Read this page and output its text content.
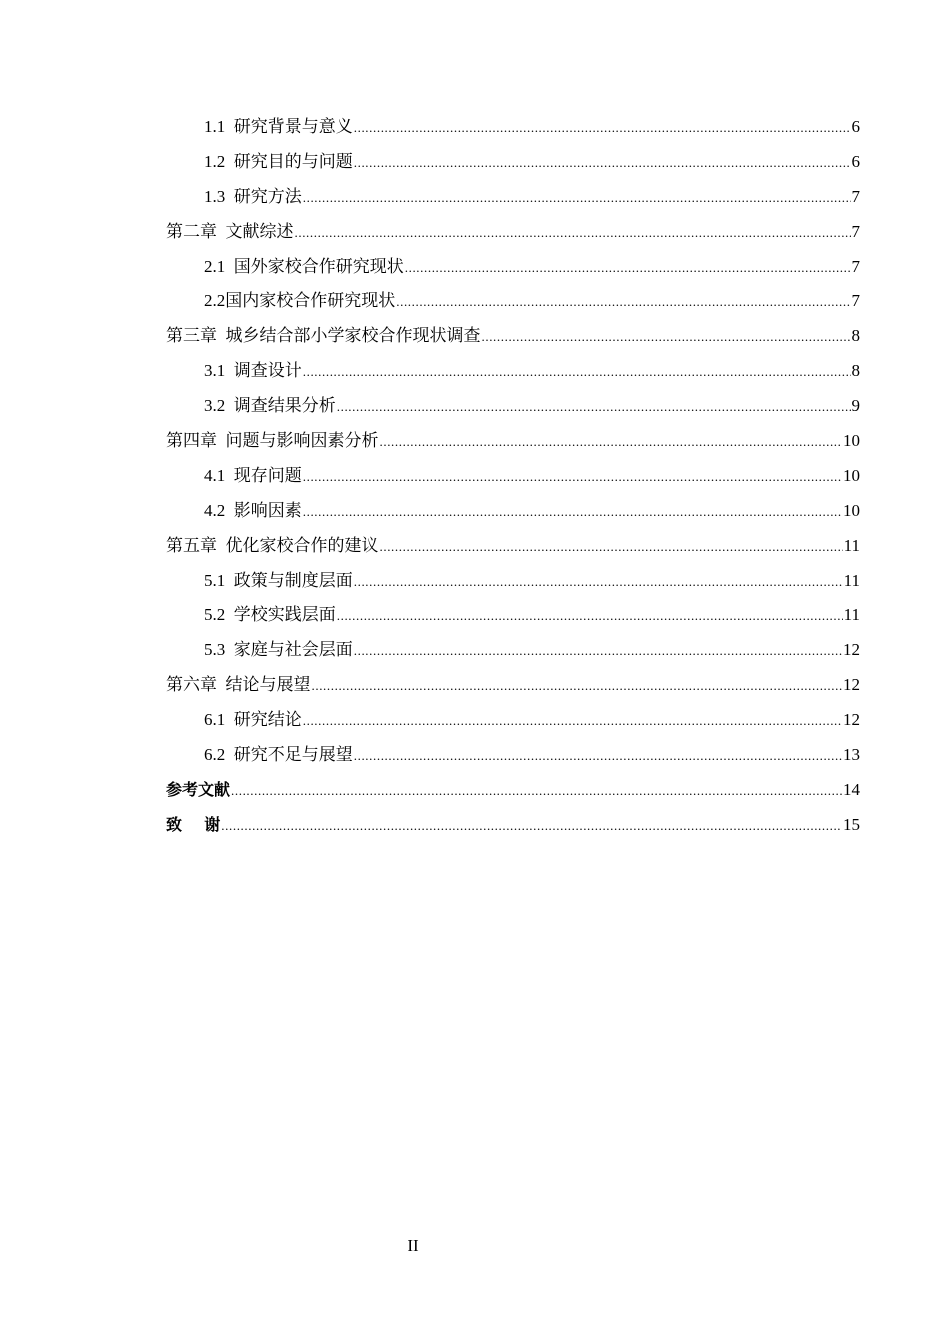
1.1  研究背景与意义 .....	6
1.2  研究目的与问题 .....	6
1.3  研究方法 .....	7
第二章  文献综述 .....	7
2.1  国外家校合作研究现状 .....	7
2.2国内家校合作研究现状 .....	7
第三章  城乡结合部小学家校合作现状调查 .....	8
3.1  调查设计 .....	8
3.2  调查结果分析 .....	9
第四章  问题与影响因素分析 .....	10
4.1  现存问题 .....	10
4.2  影响因素 .....	10
第五章  优化家校合作的建议 .....	11
5.1  政策与制度层面 .....	11
5.2  学校实践层面 .....	11
5.3  家庭与社会层面 .....	12
第六章  结论与展望 .....	12
6.1  研究结论 .....	12
6.2  研究不足与展望 .....	13
参考文献 .....	14
致    谢 .....	15
II
